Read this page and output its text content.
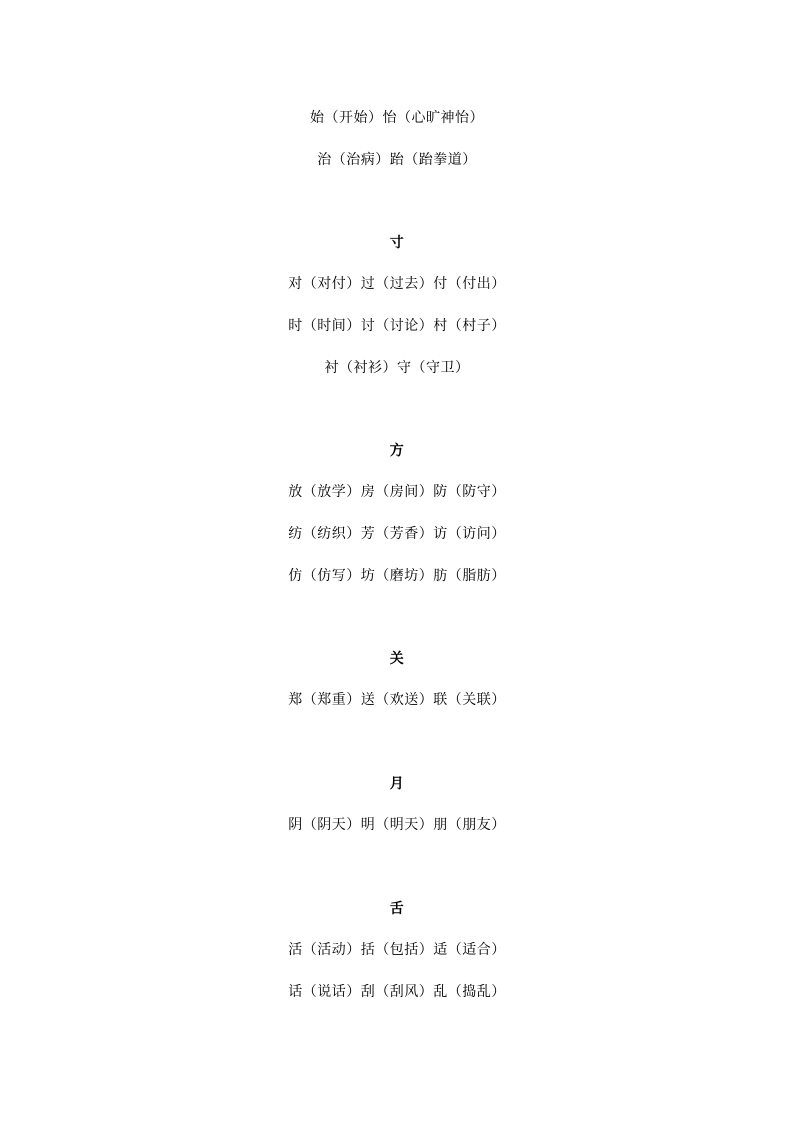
始（开始）怡（心旷神怡）
治（治病）跆（跆拳道）
寸
对（对付）过（过去）付（付出）
时（时间）讨（讨论）村（村子）
衬（衬衫）守（守卫）
方
放（放学）房（房间）防（防守）
纺（纺织）芳（芳香）访（访问）
仿（仿写）坊（磨坊）肪（脂肪）
关
郑（郑重）送（欢送）联（关联）
月
阴（阴天）明（明天）朋（朋友）
舌
活（活动）括（包括）适（适合）
话（说话）刮（刮风）乱（捣乱）
